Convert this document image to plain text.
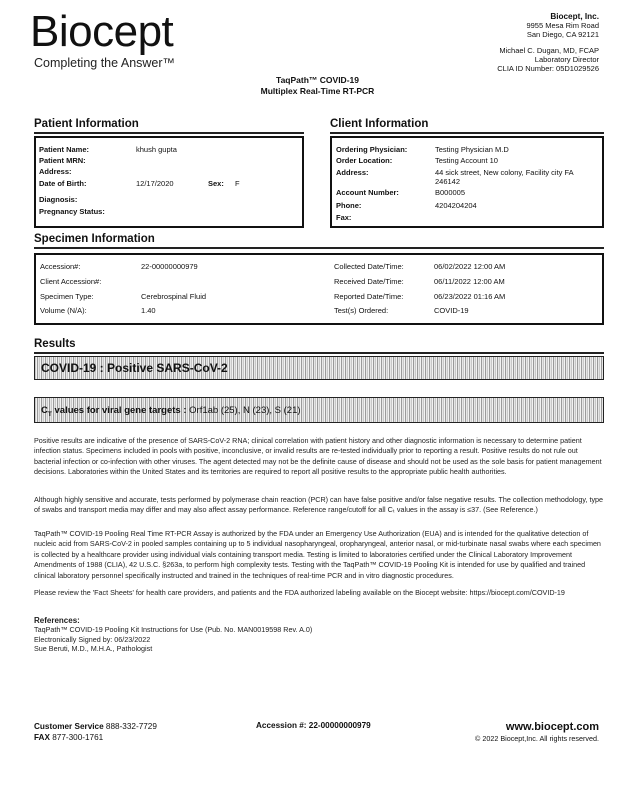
Biocept
Completing the Answer™
Biocept, Inc.
9955 Mesa Rim Road
San Diego, CA 92121
Michael C. Dugan, MD, FCAP
Laboratory Director
CLIA ID Number: 05D1029526
TaqPath™ COVID-19
Multiplex Real-Time RT-PCR
Patient Information
Patient Name:	khush gupta
Patient MRN:
Address:
Date of Birth:	12/17/2020	Sex: F
Diagnosis:
Pregnancy Status:
Client Information
Ordering Physician:	Testing Physician M.D
Order Location:	Testing Account 10
Address:	44 sick street, New colony, Facility city FA
246142
Account Number:	B000005
Phone:	4204204204
Fax:
Specimen Information
Accession#:	22-00000000979
Client Accession#:
Specimen Type:	Cerebrospinal Fluid
Volume (N/A):	1.40
Collected Date/Time:	06/02/2022 12:00 AM
Received Date/Time:	06/11/2022 12:00 AM
Reported Date/Time:	06/23/2022 01:16 AM
Test(s) Ordered:	COVID-19
Results
COVID-19 : Positive SARS-CoV-2
$C_T$ values for viral gene targets : Orf1ab (25), N (23), S (21)
Positive results are indicative of the presence of SARS-CoV-2 RNA; clinical correlation with patient history and other diagnostic information is necessary to determine patient infection status. Specimens included in pools with positive, inconclusive, or invalid results are re-tested individually prior to reporting a result. Positive results do not rule out bacterial infection or co-infection with other viruses. The agent detected may not be the definite cause of disease and should not be used as the sole basis for patient management decisions. Laboratories within the United States and its territories are required to report all positive results to the appropriate public health authorities.
Although highly sensitive and accurate, tests performed by polymerase chain reaction (PCR) can have false positive and/or false negative results. The collection methodology, type of swabs and transport media may differ and may also affect assay performance. Reference range/cutoff for all Cₜ values in the assay is ≤37. (See Reference.)
TaqPath™ COVID-19 Pooling Real Time RT-PCR Assay is authorized by the FDA under an Emergency Use Authorization (EUA) and is intended for the qualitative detection of nucleic acid from SARS-CoV-2 in pooled samples containing up to 5 individual nasopharyngeal, oropharyngeal, anterior nasal, or mid-turbinate nasal swabs where each specimen is collected by a healthcare provider using individual vials containing transport media. Testing is limited to laboratories certified under the Clinical Laboratory Improvement Amendments of 1988 (CLIA), 42 U.S.C. §263a, to perform high complexity tests. Testing with the TaqPath™ COVID-19 Pooling Kit is intended for use by qualified and trained clinical laboratory personnel specifically instructed and trained in the techniques of real-time PCR and in vitro diagnostic procedures.
Please review the 'Fact Sheets' for health care providers, and patients and the FDA authorized labeling available on the Biocept website: https://biocept.com/COVID-19
References:
TaqPath™ COVID-19 Pooling Kit Instructions for Use (Pub. No. MAN0019598 Rev. A.0)
Electronically Signed by: 06/23/2022
Sue Beruti, M.D., M.H.A., Pathologist
Customer Service 888-332-7729
FAX 877-300-1761
Accession #: 22-00000000979	www.biocept.com
© 2022 Biocept,Inc. All rights reserved.
